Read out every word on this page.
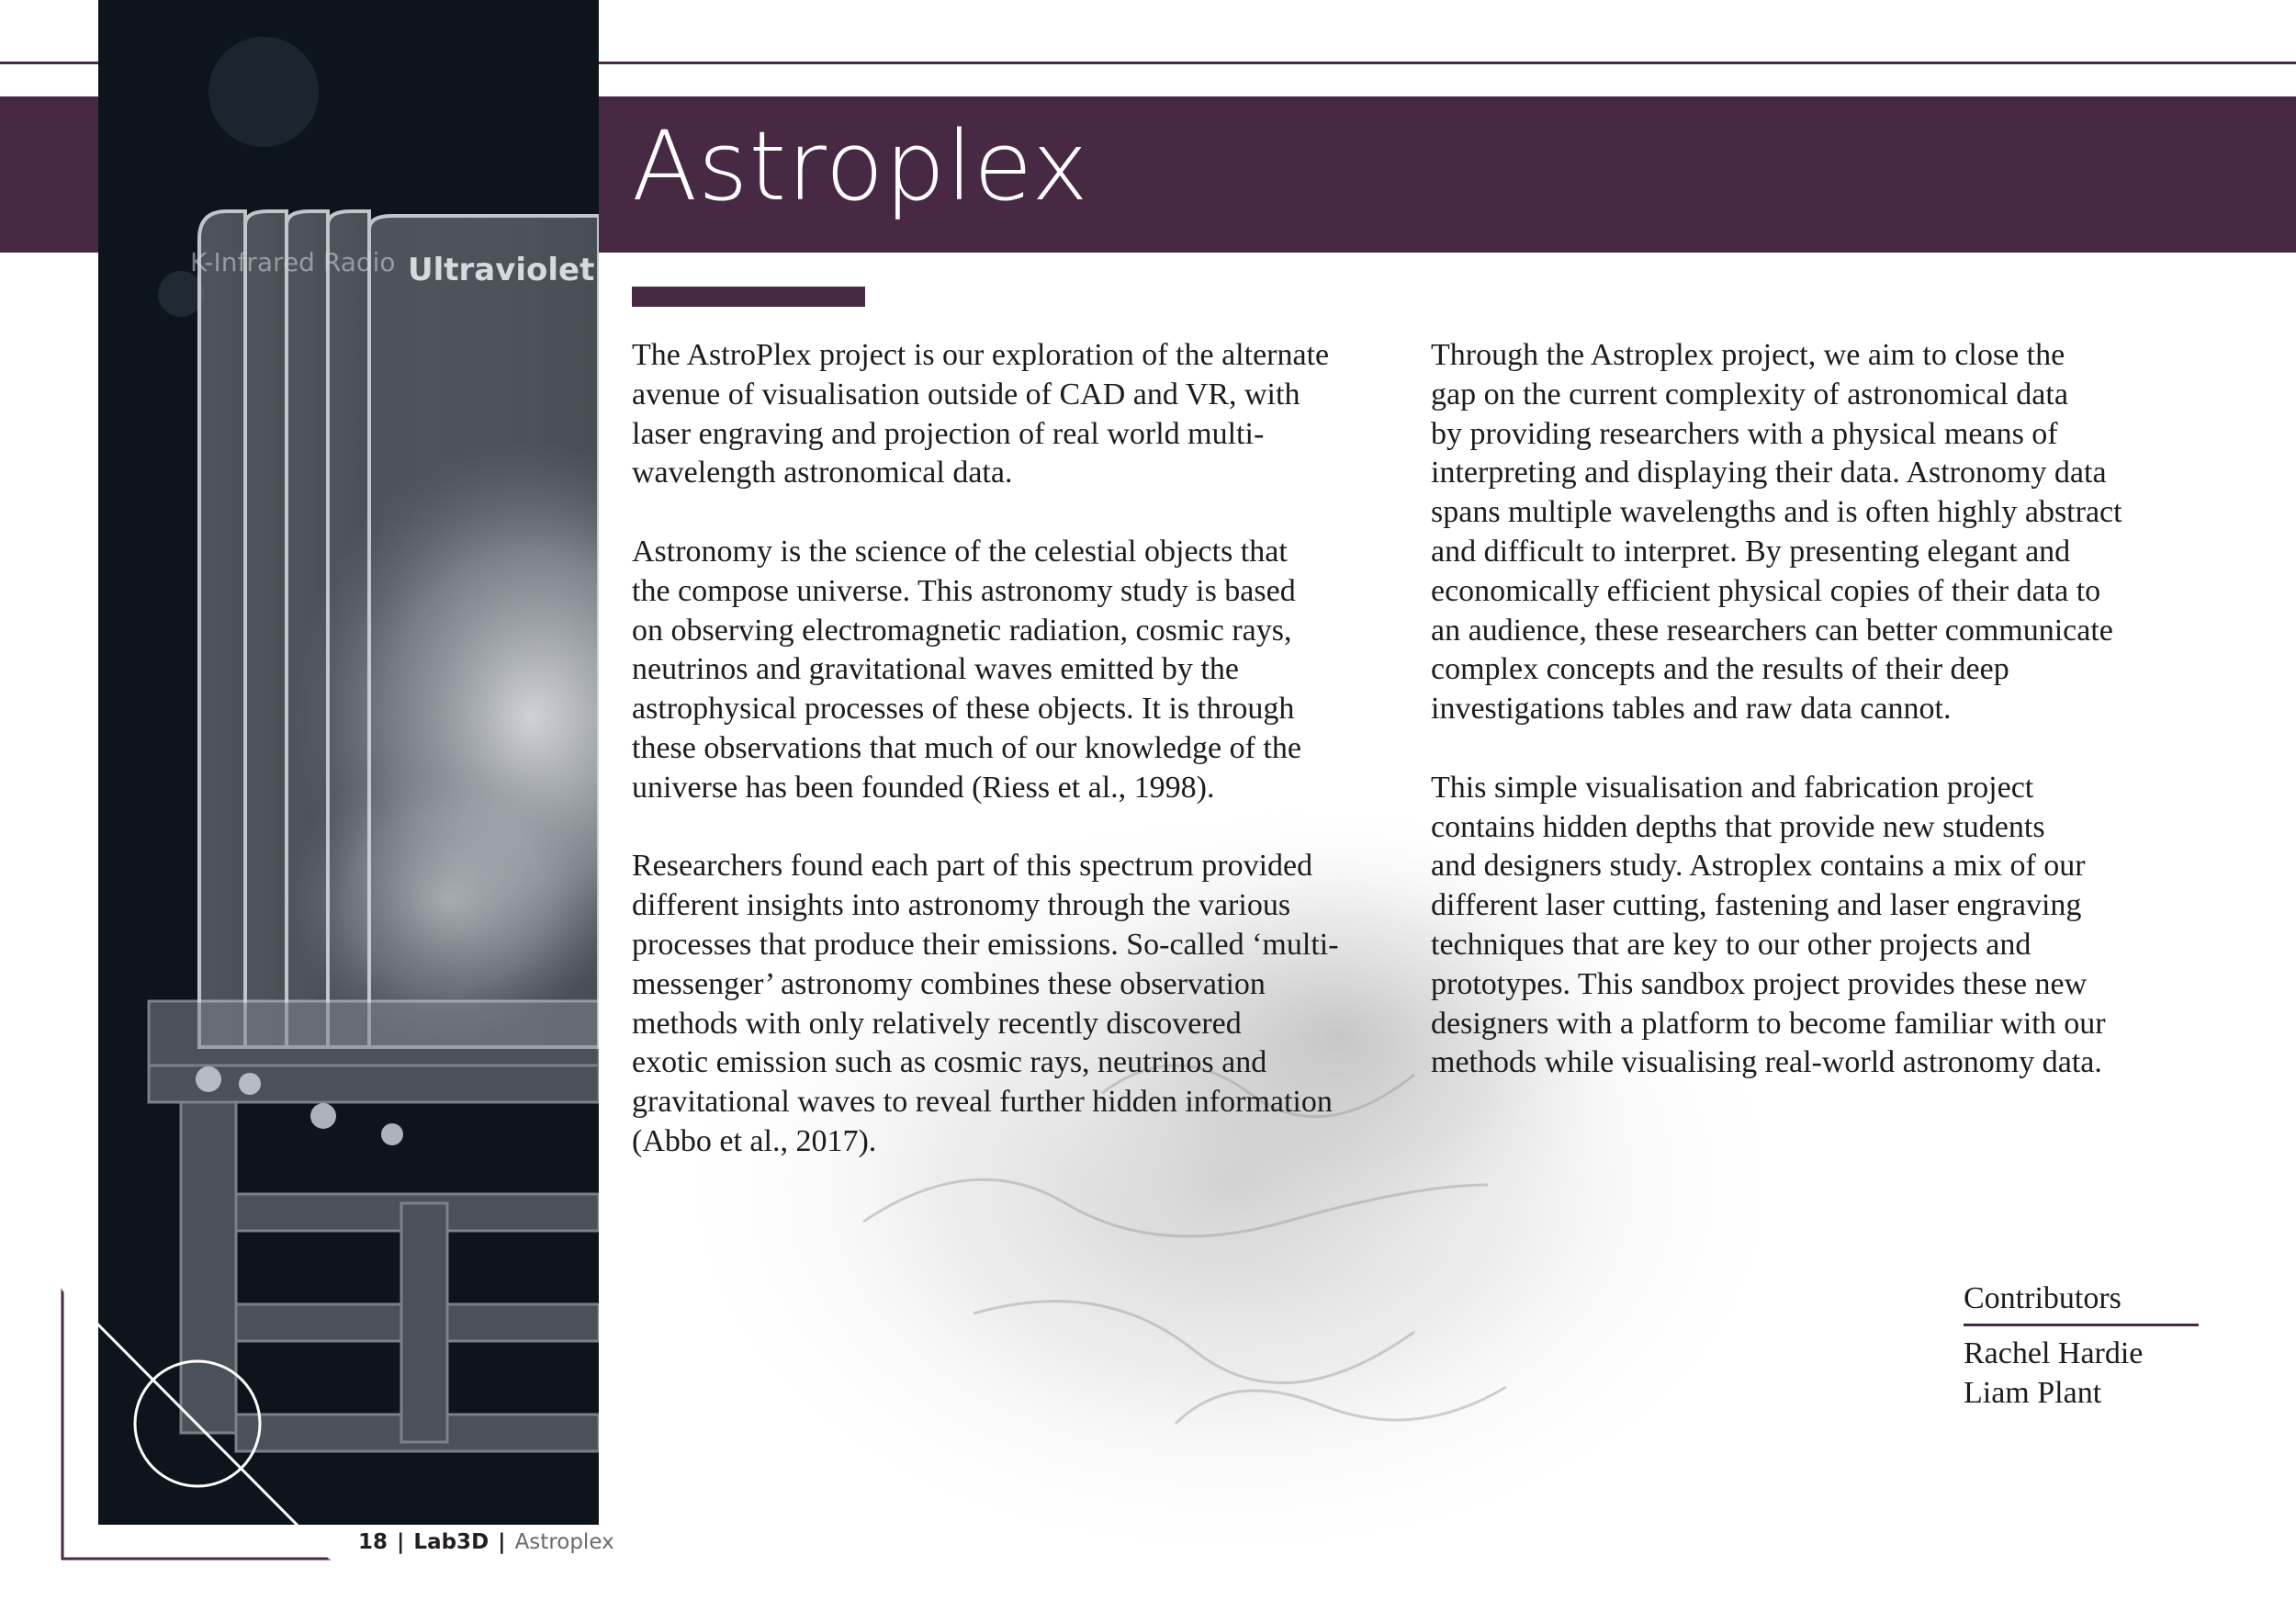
Ultraviolet
K-Infrared Radio
Astroplex

The AstroPlex project is our exploration of the alternate
avenue of visualisation outside of CAD and VR, with
laser engraving and projection of real world multi-
wavelength astronomical data.

Astronomy is the science of the celestial objects that
the compose universe. This astronomy study is based
on observing electromagnetic radiation, cosmic rays,
neutrinos and gravitational waves emitted by the
astrophysical processes of these objects. It is through
these observations that much of our knowledge of the
universe has been founded (Riess et al., 1998).

Researchers found each part of this spectrum provided
different insights into astronomy through the various
processes that produce their emissions. So-called ‘multi-
messenger’ astronomy combines these observation
methods with only relatively recently discovered
exotic emission such as cosmic rays, neutrinos and
gravitational waves to reveal further hidden information
(Abbo et al., 2017).

Through the Astroplex project, we aim to close the
gap on the current complexity of astronomical data
by providing researchers with a physical means of
interpreting and displaying their data. Astronomy data
spans multiple wavelengths and is often highly abstract
and difficult to interpret. By presenting elegant and
economically efficient physical copies of their data to
an audience, these researchers can better communicate
complex concepts and the results of their deep
investigations tables and raw data cannot.

This simple visualisation and fabrication project
contains hidden depths that provide new students
and designers study. Astroplex contains a mix of our
different laser cutting, fastening and laser engraving
techniques that are key to our other projects and
prototypes. This sandbox project provides these new
designers with a platform to become familiar with our
methods while visualising real-world astronomy data.

Contributors
Rachel Hardie
Liam Plant
18 | Lab3D | Astroplex
